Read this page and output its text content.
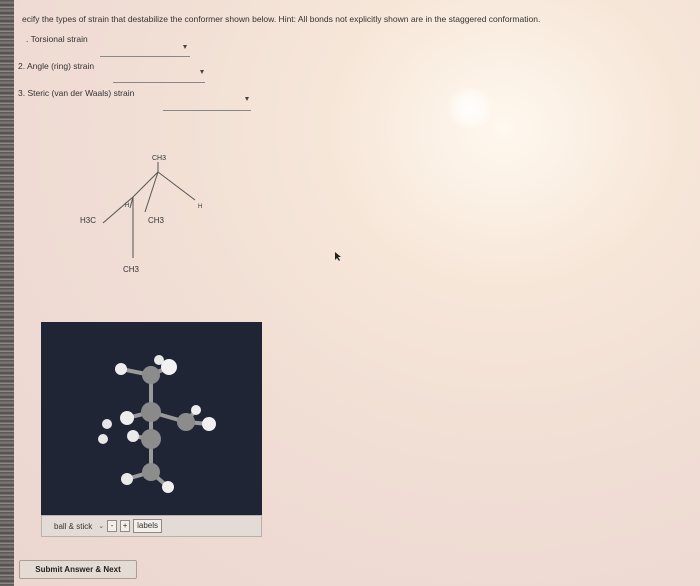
ecify the types of strain that destabilize the conformer shown below. Hint: All bonds not explicitly shown are in the staggered conformation.
. Torsional strain
2. Angle (ring) strain
3. Steric (van der Waals) strain
CH3
H
H
H3C	CH3
CH3
ball & stick ⌄ -	+	labels
Submit Answer & Next
